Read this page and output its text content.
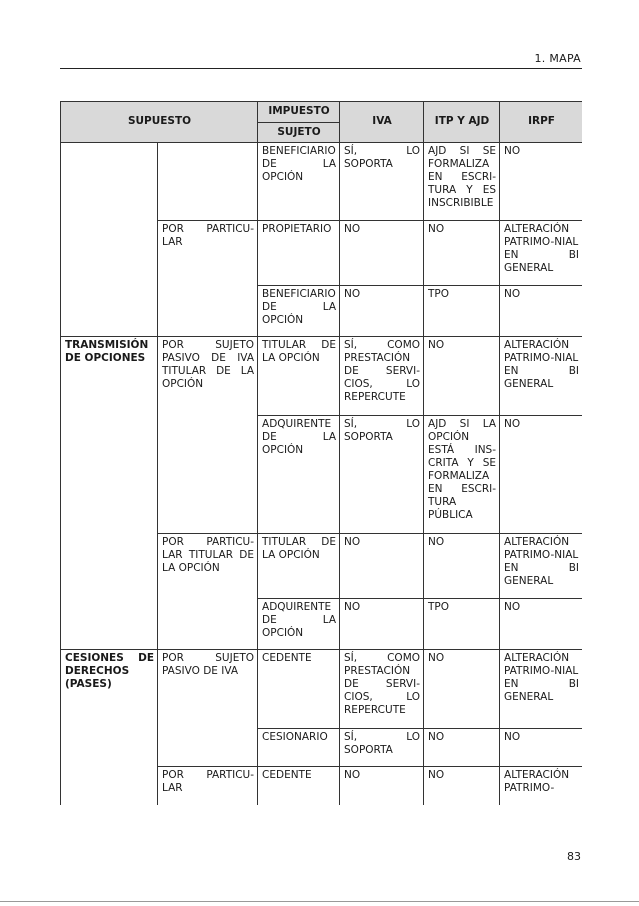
1. MAPA
SUPUESTO		IMPUESTO	IVA	ITP Y AJD	IRPF
		SUJETO			
		BENEFICIARIO DE LA OPCIÓN	SÍ, LO SOPORTA	AJD SI SE FORMALIZA EN ESCRI-TURA Y ES INSCRIBIBLE	NO
	POR PARTICU-LAR	PROPIETARIO	NO	NO	ALTERACIÓN PATRIMO-NIAL EN BI GENERAL
		BENEFICIARIO DE LA OPCIÓN	NO	TPO	NO
TRANSMISIÓN DE OPCIONES	POR SUJETO PASIVO DE IVA TITULAR DE LA OPCIÓN	TITULAR DE LA OPCIÓN	SÍ, COMO PRESTACIÓN DE SERVI-CIOS, LO REPERCUTE	NO	ALTERACIÓN PATRIMO-NIAL EN BI GENERAL
		ADQUIRENTE DE LA OPCIÓN	SÍ, LO SOPORTA	AJD SI LA OPCIÓN ESTÁ INS-CRITA Y SE FORMALIZA EN ESCRI-TURA PÚBLICA	NO
	POR PARTICU-LAR TITULAR DE LA OPCIÓN	TITULAR DE LA OPCIÓN	NO	NO	ALTERACIÓN PATRIMO-NIAL EN BI GENERAL
		ADQUIRENTE DE LA OPCIÓN	NO	TPO	NO
CESIONES DE DERECHOS (PASES)	POR SUJETO PASIVO DE IVA	CEDENTE	SÍ, COMO PRESTACIÓN DE SERVI-CIOS, LO REPERCUTE	NO	ALTERACIÓN PATRIMO-NIAL EN BI GENERAL
		CESIONARIO	SÍ, LO SOPORTA	NO	NO
	POR PARTICU-LAR	CEDENTE	NO	NO	ALTERACIÓN PATRIMO-
83
